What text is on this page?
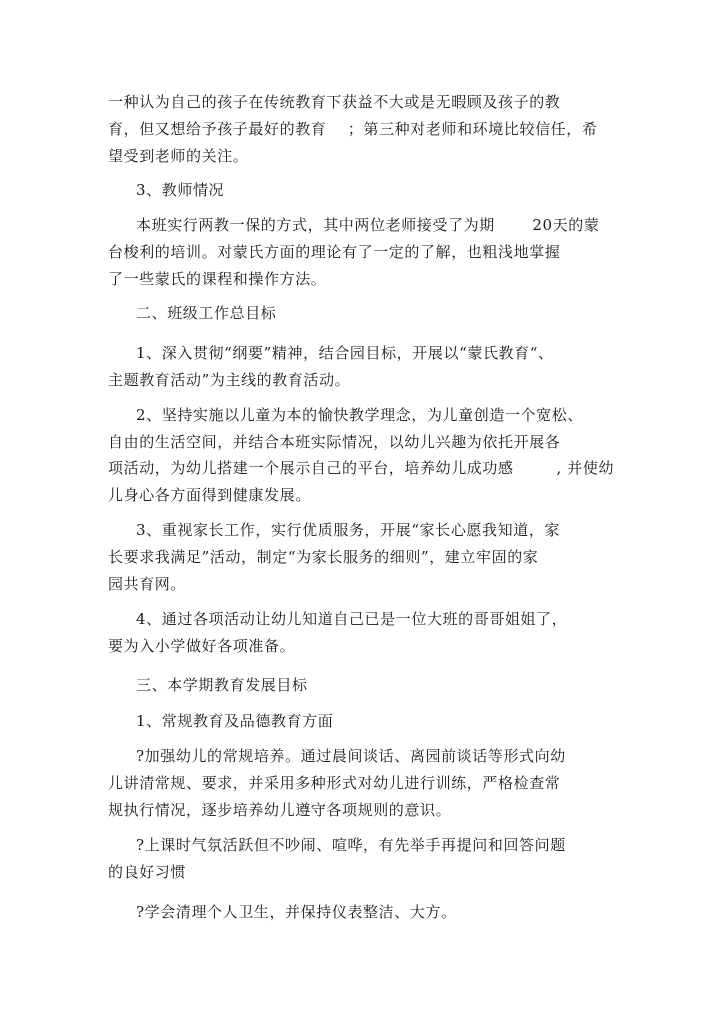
一种认为自己的孩子在传统教育下获益不大或是无暇顾及孩子的教
育，但又想给予孩子最好的教育    ；第三种对老师和环境比较信任，希
望受到老师的关注。
3、教师情况
本班实行两教一保的方式，其中两位老师接受了为期       20天的蒙
台梭利的培训。对蒙氏方面的理论有了一定的了解，也粗浅地掌握
了一些蒙氏的课程和操作方法。
二、班级工作总目标
1、深入贯彻“纲要”精神，结合园目标，开展以“蒙氏教育“、
主题教育活动”为主线的教育活动。
2、坚持实施以儿童为本的愉快教学理念，为儿童创造一个宽松、
自由的生活空间，并结合本班实际情况，以幼儿兴趣为依托开展各
项活动，为幼儿搭建一个展示自己的平台，培养幼儿成功感        , 并使幼
儿身心各方面得到健康发展。
3、重视家长工作，实行优质服务，开展“家长心愿我知道，家
长要求我满足”活动，制定“为家长服务的细则”，建立牢固的家
园共育网。
4、通过各项活动让幼儿知道自己已是一位大班的哥哥姐姐了，
要为入小学做好各项准备。
三、本学期教育发展目标
1、常规教育及品德教育方面
?加强幼儿的常规培养。通过晨间谈话、离园前谈话等形式向幼
儿讲清常规、要求，并采用多种形式对幼儿进行训练，严格检查常
规执行情况，逐步培养幼儿遵守各项规则的意识。
?上课时气氛活跃但不吵闹、喧哗，有先举手再提问和回答问题
的良好习惯
?学会清理个人卫生，并保持仪表整洁、大方。
